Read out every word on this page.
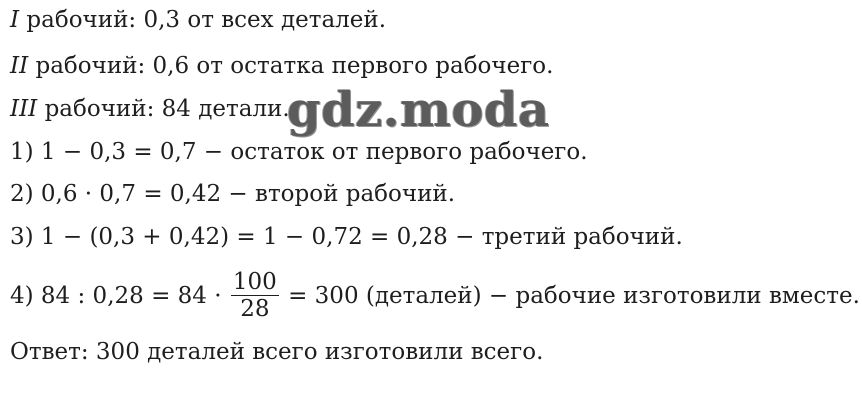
I рабочий: 0,3 от всех деталей.
II рабочий: 0,6 от остатка первого рабочего.
III рабочий: 84 детали.
1) 1 − 0,3 = 0,7 − остаток от первого рабочего.
2) 0,6 · 0,7 = 0,42 − второй рабочий.
3) 1 − (0,3 + 0,42) = 1 − 0,72 = 0,28 − третий рабочий.
4) 84 : $0,28 = 84 \cdot \frac{100}{28} = 300$ (деталей) − рабочие изготовили вместе.
Ответ: 300 деталей всего изготовили всего.
gdz.moda
